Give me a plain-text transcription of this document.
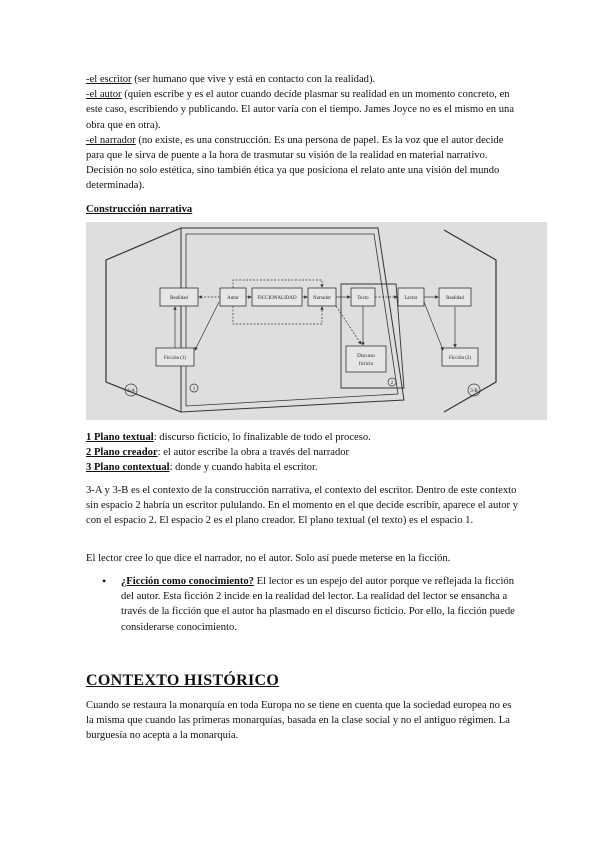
-el escritor (ser humano que vive y está en contacto con la realidad).

-el autor (quien escribe y es el autor cuando decide plasmar su realidad en un momento concreto, en este caso, escribiendo y publicando. El autor varía con el tiempo. James Joyce no es el mismo en una obra que en otra).

-el narrador (no existe, es una construcción. Es una persona de papel. Es la voz que el autor decide para que le sirva de puente a la hora de trasmutar su visión de la realidad en material narrativo. Decisión no solo estética, sino también ética ya que posiciona el relato ante una visión del mundo determinada).

Construcción narrativa
Realidad	Autor	FICCIONALIDAD	Narrador	Texto	Lector	Realidad
Ficción (1)	Discurso
ficticio
Ficción (2)
3-A	1
2
3-B

1 Plano textual: discurso ficticio, lo finalizable de todo el proceso.

2 Plano creador: el autor escribe la obra a través del narrador

3 Plano contextual: donde y cuando habita el escritor.

3-A y 3-B es el contexto de la construcción narrativa, el contexto del escritor. Dentro de este contexto sin espacio 2 habría un escritor pululando. En el momento en el que decide escribir, aparece el autor y con el espacio 2. El espacio 2 es el plano creador. El plano textual (el texto) es el espacio 1.
El lector cree lo que dice el narrador, no el autor. Solo así puede meterse en la ficción.
• ¿Ficción como conocimiento? El lector es un espejo del autor porque ve reflejada la ficción del autor. Esta ficción 2 incide en la realidad del lector. La realidad del lector se ensancha a través de la ficción que el autor ha plasmado en el discurso ficticio. Por ello, la ficción puede considerarse conocimiento.
CONTEXTO HISTÓRICO
Cuando se restaura la monarquía en toda Europa no se tiene en cuenta que la sociedad europea no es la misma que cuando las primeras monarquías, basada en la clase social y no el antiguo régimen. La burguesía no acepta a la monarquía.
